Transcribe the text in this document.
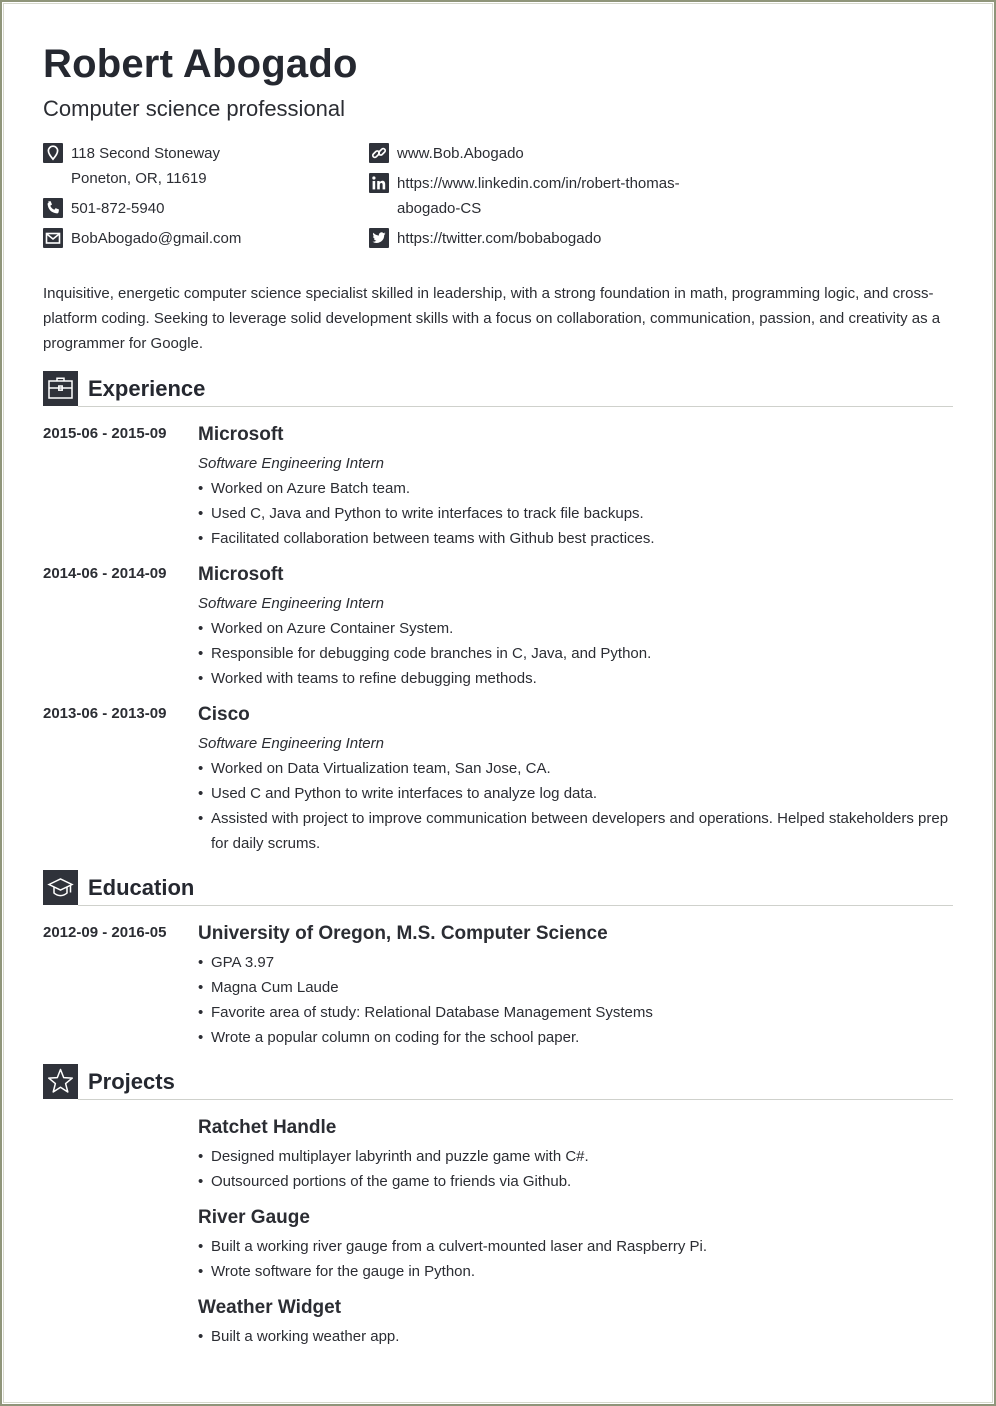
Robert Abogado
Computer science professional
118 Second Stoneway
Poneton, OR, 11619
501-872-5940
BobAbogado@gmail.com
www.Bob.Abogado
https://www.linkedin.com/in/robert-thomas-
abogado-CS
https://twitter.com/bobabogado
Inquisitive, energetic computer science specialist skilled in leadership, with a strong foundation in math, programming logic, and cross-platform coding. Seeking to leverage solid development skills with a focus on collaboration, communication, passion, and creativity as a programmer for Google.
Experience
2015-06 - 2015-09 Microsoft
Software Engineering Intern
• Worked on Azure Batch team.
• Used C, Java and Python to write interfaces to track file backups.
• Facilitated collaboration between teams with Github best practices.
2014-06 - 2014-09 Microsoft
Software Engineering Intern
• Worked on Azure Container System.
• Responsible for debugging code branches in C, Java, and Python.
• Worked with teams to refine debugging methods.
2013-06 - 2013-09 Cisco
Software Engineering Intern
• Worked on Data Virtualization team, San Jose, CA.
• Used C and Python to write interfaces to analyze log data.
• Assisted with project to improve communication between developers and operations. Helped stakeholders prep for daily scrums.
Education
2012-09 - 2016-05 University of Oregon, M.S. Computer Science
• GPA 3.97
• Magna Cum Laude
• Favorite area of study: Relational Database Management Systems
• Wrote a popular column on coding for the school paper.
Projects
Ratchet Handle
• Designed multiplayer labyrinth and puzzle game with C#.
• Outsourced portions of the game to friends via Github.
River Gauge
• Built a working river gauge from a culvert-mounted laser and Raspberry Pi.
• Wrote software for the gauge in Python.
Weather Widget
• Built a working weather app.
